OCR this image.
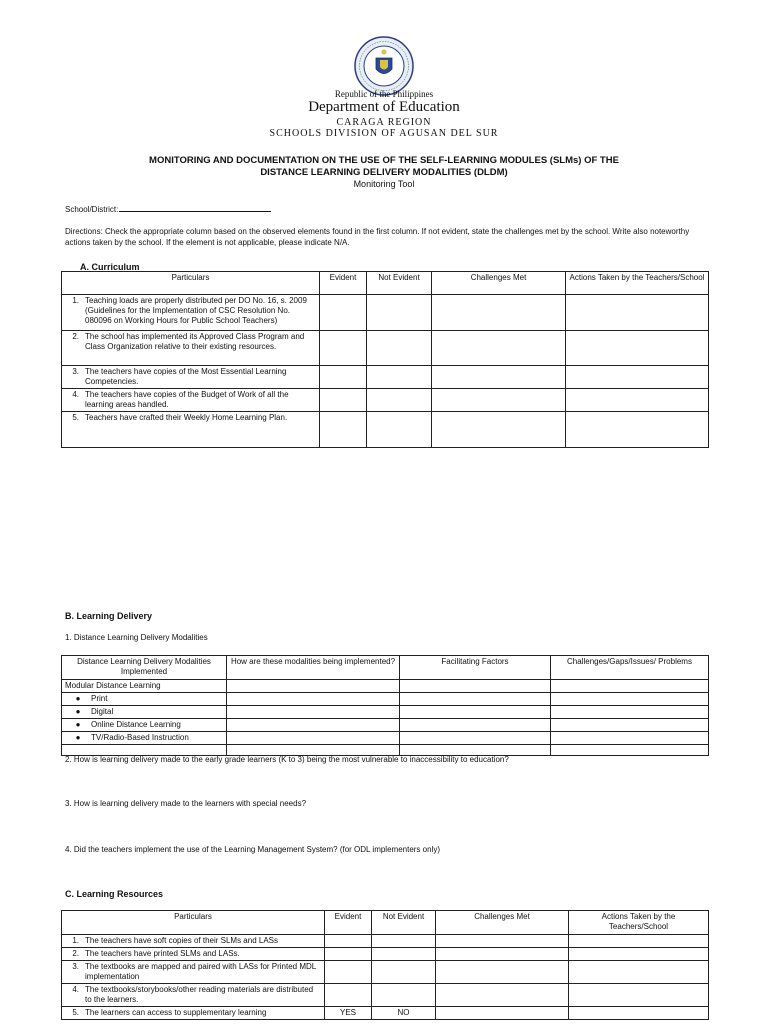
Republic of the Philippines
Department of Education
CARAGA REGION
SCHOOLS DIVISION OF AGUSAN DEL SUR
MONITORING AND DOCUMENTATION ON THE USE OF THE SELF-LEARNING MODULES (SLMs) OF THE
DISTANCE LEARNING DELIVERY MODALITIES (DLDM)
Monitoring Tool
School/District:
Directions: Check the appropriate column based on the observed elements found in the first column. If not evident, state the challenges met by the school. Write also noteworthy actions taken by the school. If the element is not applicable, please indicate N/A.
A. Curriculum
Particulars	Evident	Not Evident	Challenges Met	Actions Taken by the Teachers/School

1. Teaching loads are properly distributed per DO No. 16, s. 2009 (Guidelines for the Implementation of CSC Resolution No. 080096 on Working Hours for Public School Teachers)				

2. The school has implemented its Approved Class Program and Class Organization relative to their existing resources.				

3. The teachers have copies of the Most Essential Learning Competencies.				

4. The teachers have copies of the Budget of Work of all the learning areas handled.				

5. Teachers have crafted their Weekly Home Learning Plan.				

B. Learning Delivery
1. Distance Learning Delivery Modalities
Distance Learning Delivery Modalities Implemented	How are these modalities being implemented?	Facilitating Factors	Challenges/Gaps/Issues/ Problems
Modular Distance Learning			
● Print			
● Digital			
● Online Distance Learning			
● TV/Radio-Based Instruction			

2. How is learning delivery made to the early grade learners (K to 3) being the most vulnerable to inaccessibility to education?
3. How is learning delivery made to the learners with special needs?
4. Did the teachers implement the use of the Learning Management System? (for ODL implementers only)
C. Learning Resources
Particulars	Evident	Not Evident	Challenges Met	Actions Taken by the Teachers/School

1. The teachers have soft copies of their SLMs and LASs				

2. The teachers have printed SLMs and LASs.				

3. The textbooks are mapped and paired with LASs for Printed MDL implementation				

4. The textbooks/storybooks/other reading materials are distributed to the learners.				

5. The learners can access to supplementary learning	YES	NO		
